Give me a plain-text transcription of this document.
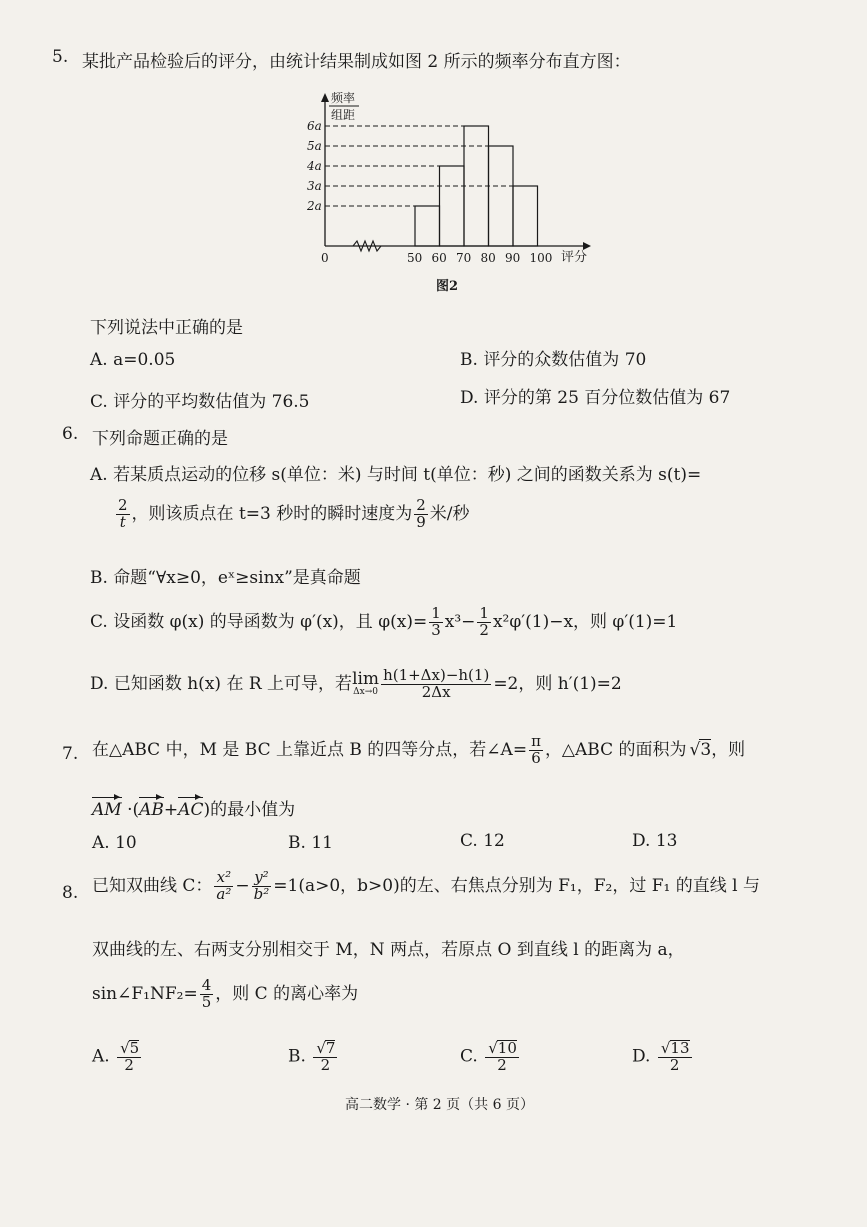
5. 某批产品检验后的评分，由统计结果制成如图 2 所示的频率分布直方图：
频率
组距
2a
3a
4a
5a
6a
0	50 60 70 80 90 100 评分
图2
下列说法中正确的是
A. a=0.05	B. 评分的众数估值为 70
C. 评分的平均数估值为 76.5	D. 评分的第 25 百分位数估值为 67
6. 下列命题正确的是
A. 若某质点运动的位移 s(单位：米) 与时间 t(单位：秒) 之间的函数关系为 s(t)=
$\frac{2}{t}$ ，则该质点在 t=3 秒时的瞬时速度为 $\frac{2}{9}$ 米/秒
B. 命题“∀x≥0，eˣ≥sinx”是真命题
C. 设函数 φ(x) 的导函数为 φ′(x)，且 $\varphi(x)= \frac{1}{3} x^3- \frac{1}{2} x^2\varphi'(1)-x$，则 φ′(1)=1
D. 已知函数 h(x) 在 R 上可导，若 lim
$\Delta x\to 0 \frac{h(1+\Delta x)-h(1)}{2\Delta x} =2$，则 h′(1)=2
7. 在△ABC 中，M 是 BC 上靠近点 B 的四等分点，若∠A= $\frac{\pi}{6}$ ，△ABC 的面积为 √ 3，则
AM ·(AB+AC)的最小值为
A. 10	B. 11	C. 12	D. 13
8. 已知双曲线 C： $\frac{\text{x²}}{\text{a²}} - \frac{\text{y²}}{\text{b²}} =1(a>0$，b>0)的左、右焦点分别为 F₁，F₂，过 F₁ 的直线 l 与
双曲线的左、右两支分别相交于 M，N 两点，若原点 O 到直线 l 的距离为 a，
sin∠F₁NF₂= $\frac{4}{5}$ ，则 C 的离心率为
A. √ $\frac{5}{2}$	B. √ $\frac{7}{2}$	C. √ $\frac{10}{2}$	D. √ $\frac{13}{2}$
高二数学 · 第 2 页（共 6 页）
